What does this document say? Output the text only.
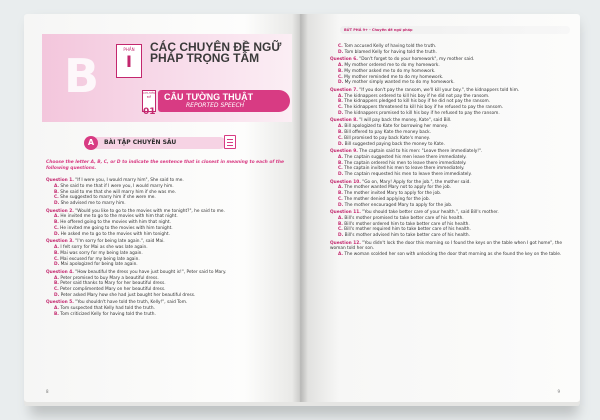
B	PHẦN
I
CÁC CHUYÊN ĐỀ NGỮ PHÁP TRỌNG TÂM
CHUYÊN ĐỀ
01
CÂU TƯỜNG THUẬT
REPORTED SPEECH
BÀI TẬP CHUYÊN SÂU
A
Choose the letter A, B, C, or D to indicate the sentence that is closest in meaning to each of the following questions.
Question 1. "If I were you, I would marry him", She said to me.
A. She said to me that if I were you, I would marry him.
B. She said to me that she will marry him if she was me.
C. She suggested to marry him if she were me.
D. She advised me to marry him.
Question 2. "Would you like to go to the movies with me tonight?", he said to me.
A. He invited me to go to the movies with him that night.
B. He offered going to the movies with him that night.
C. He invited me going to the movies with him tonight.
D. He asked me to go to the movies with him tonight.
Question 3. "I'm sorry for being late again.", said Mai.
A. I felt sorry for Mai as she was late again.
B. Mai was sorry for my being late again.
C. Mai excused for my being late again.
D. Mai apologized for being late again.
Question 4. "How beautiful the dress you have just bought is!", Peter said to Mary.
A. Peter promised to buy Mary a beautiful dress.
B. Peter said thanks to Mary for her beautiful dress.
C. Peter complimented Mary on her beautiful dress.
D. Peter asked Mary how she had just bought her beautiful dress.
Question 5. "You shouldn't have told the truth, Kelly!", said Tom.
A. Tom suspected that Kelly had told the truth.
B. Tom criticized Kelly for having told the truth.
8
BỨT PHÁ 9+ - Chuyên đề ngữ pháp
C. Tom accused Kelly of having told the truth.
D. Tom blamed Kelly for having told the truth.
Question 6. "Don't forget to do your homework", my mother said.
A. My mother ordered me to do my homework.
B. My mother asked me to do my homework.
C. My mother reminded me to do my homework.
D. My mother simply wanted me to do my homework.
Question 7. "If you don't pay the ransom, we'll kill your boy.", the kidnappers told him.
A. The kidnappers ordered to kill his boy if he did not pay the ransom.
B. The kidnappers pledged to kill his boy if he did not pay the ransom.
C. The kidnappers threatened to kill his boy if he refused to pay the ransom.
D. The kidnappers promised to kill his boy if he refused to pay the ransom.
Question 8. "I will pay back the money, Kate", said Bill.
A. Bill apologized to Kate for borrowing her money.
B. Bill offered to pay Kate the money back.
C. Bill promised to pay back Kate's money.
D. Bill suggested paying back the money to Kate.
Question 9. The captain said to his men: "Leave there immediately!".
A. The captain suggested his men leave there immediately.
B. The captain ordered his men to leave there immediately.
C. The captain invited his men to leave there immediately.
D. The captain requested his men to leave there immediately.
Question 10. "Go on, Mary! Apply for the job.", the mother said.
A. The mother wanted Mary not to apply for the job.
B. The mother invited Mary to apply for the job.
C. The mother denied applying for the job.
D. The mother encouraged Mary to apply for the job.
Question 11. "You should take better care of your health.", said Bill's mother.
A. Bill's mother promised to take better care of his health.
B. Bill's mother ordered him to take better care of his health.
C. Bill's mother required him to take better care of his health.
D. Bill's mother advised him to take better care of his health.
Question 12. "You didn't lock the door this morning so I found the keys on the table when I got home", the woman told her son.
A. The woman scolded her son with unlocking the door that morning as she found the key on the table.
9
